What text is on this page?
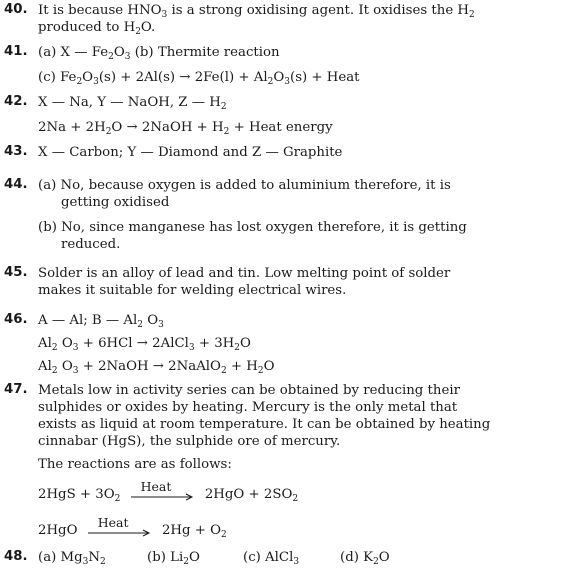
40. It is because $HNO_3$ is a strong oxidising agent. It oxidises the $H_2$
produced to $H_2O$.
41. (a) X — $Fe_2O_3$ (b) Thermite reaction
(c) $Fe_2O_3(s) + 2Al(s) \to 2Fe(l) + Al_2O_3(s)$ + Heat
42. X — Na, Y — NaOH, Z — $H_2$
$2Na + 2H_2O$ → 2NaOH + $H_2$ + Heat energy
43. X — Carbon; Y — Diamond and Z — Graphite
44. (a) No, because oxygen is added to aluminium therefore, it is
getting oxidised
(b) No, since manganese has lost oxygen therefore, it is getting
reduced.
45. Solder is an alloy of lead and tin. Low melting point of solder
makes it suitable for welding electrical wires.
46. A — Al; B — $Al_2$ $O_3$
$Al_2$ $O_3 + 6HCl$ → 2AlCl$_3$ + $3H_2O$
$Al_2$ $O_3$ + 2NaOH → 2NaAlO$_2$ + $H_2O$
47. Metals low in activity series can be obtained by reducing their
sulphides or oxides by heating. Mercury is the only metal that
exists as liquid at room temperature. It can be obtained by heating
cinnabar (HgS), the sulphide ore of mercury.
The reactions are as follows:
$2HgS + 3O_2$
Heat
$2HgO + 2SO_2$
2HgO
Heat
$2Hg + O_2$
48. (a) $Mg_3N_2$	(b) $Li_2O$	(c) AlCl$_3$	(d) $K_2O$
